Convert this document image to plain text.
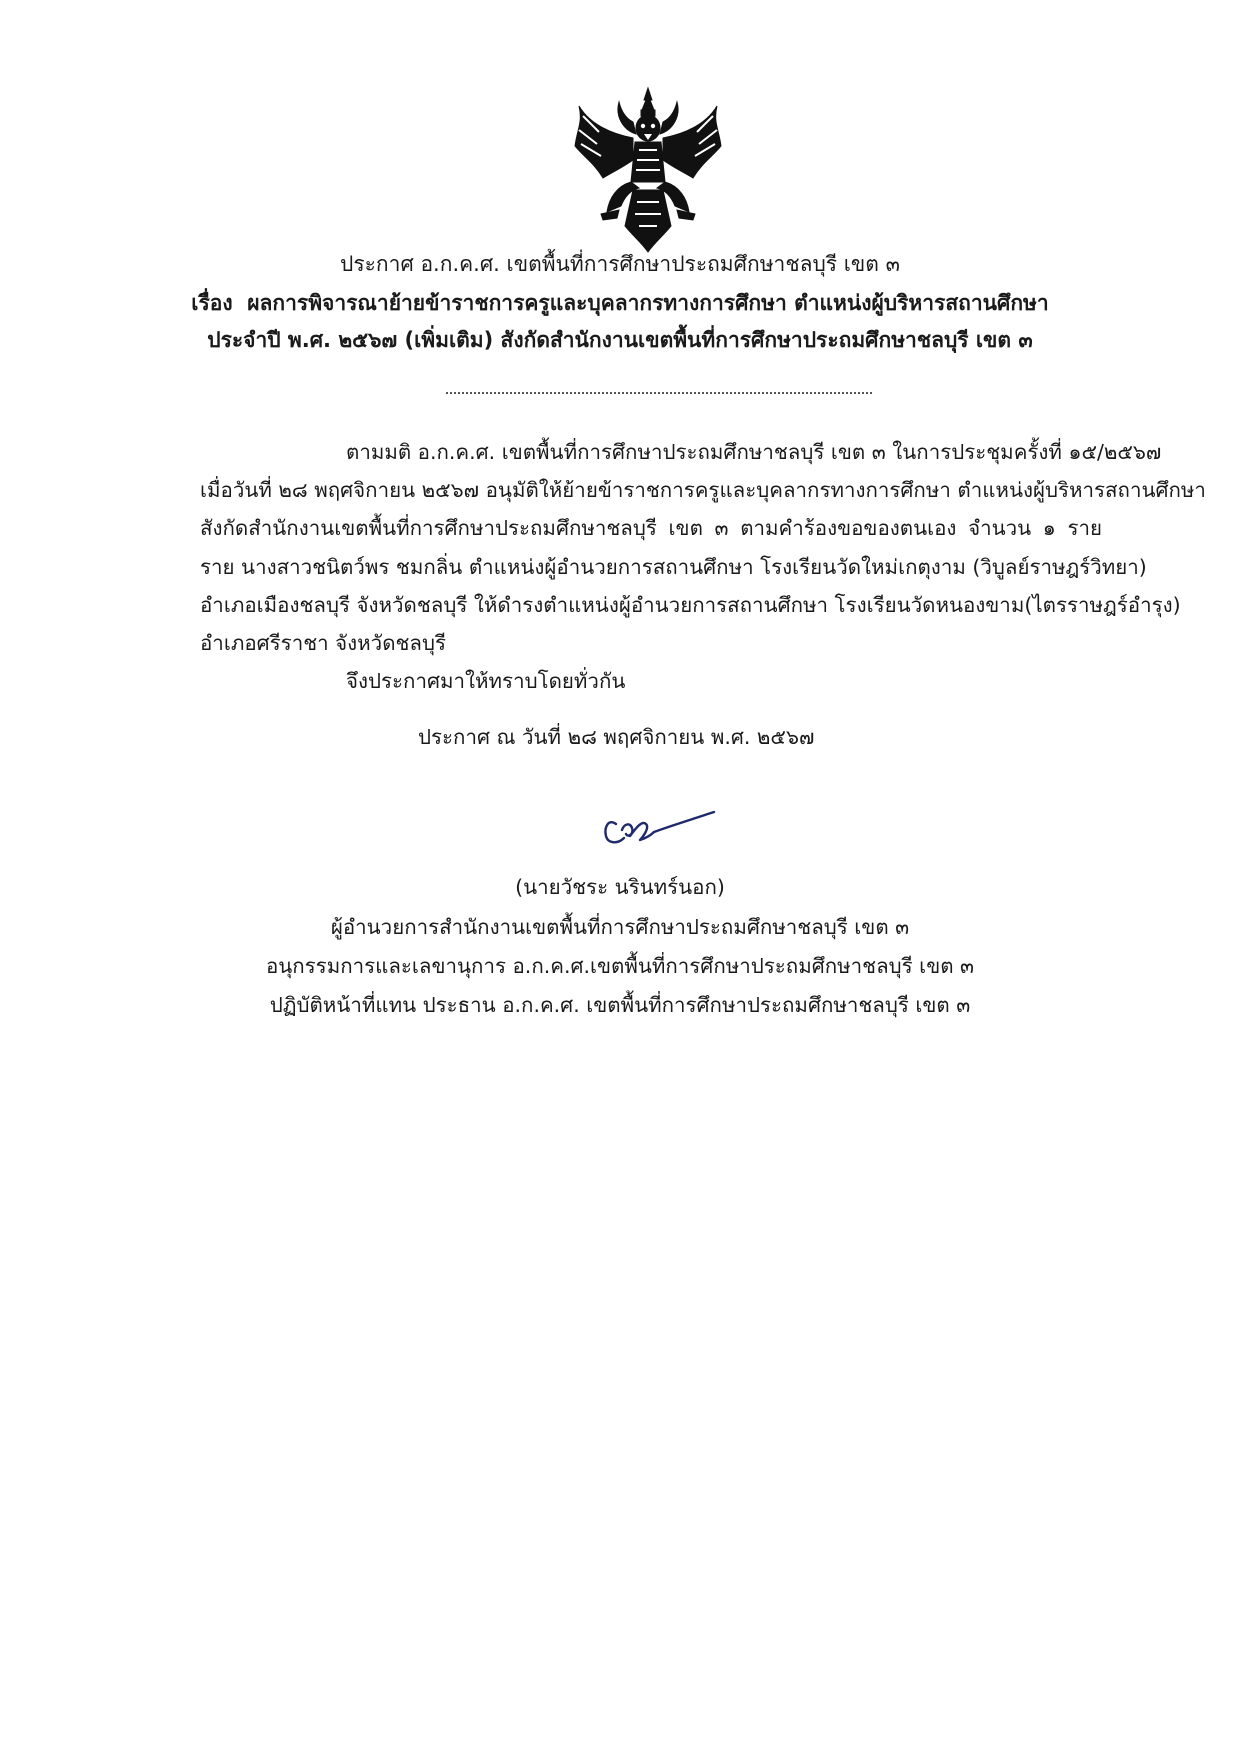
ประกาศ อ.ก.ค.ศ. เขตพื้นที่การศึกษาประถมศึกษาชลบุรี เขต ๓
เรื่อง ผลการพิจารณาย้ายข้าราชการครูและบุคลากรทางการศึกษา ตำแหน่งผู้บริหารสถานศึกษา
ประจำปี พ.ศ. ๒๕๖๗ (เพิ่มเติม) สังกัดสำนักงานเขตพื้นที่การศึกษาประถมศึกษาชลบุรี เขต ๓
ตามมติ อ.ก.ค.ศ. เขตพื้นที่การศึกษาประถมศึกษาชลบุรี เขต ๓ ในการประชุมครั้งที่ ๑๕/๒๕๖๗
เมื่อวันที่ ๒๘ พฤศจิกายน ๒๕๖๗ อนุมัติให้ย้ายข้าราชการครูและบุคลากรทางการศึกษา ตำแหน่งผู้บริหารสถานศึกษา
สังกัดสำนักงานเขตพื้นที่การศึกษาประถมศึกษาชลบุรี เขต ๓ ตามคำร้องขอของตนเอง จำนวน ๑ ราย
ราย นางสาวชนิตว์พร ชมกลิ่น ตำแหน่งผู้อำนวยการสถานศึกษา โรงเรียนวัดใหม่เกตุงาม (วิบูลย์ราษฎร์วิทยา)
อำเภอเมืองชลบุรี จังหวัดชลบุรี ให้ดำรงตำแหน่งผู้อำนวยการสถานศึกษา โรงเรียนวัดหนองขาม(ไตรราษฎร์อำรุง)
อำเภอศรีราชา จังหวัดชลบุรี
จึงประกาศมาให้ทราบโดยทั่วกัน
ประกาศ ณ วันที่ ๒๘ พฤศจิกายน พ.ศ. ๒๕๖๗
(นายวัชระ นรินทร์นอก)
ผู้อำนวยการสำนักงานเขตพื้นที่การศึกษาประถมศึกษาชลบุรี เขต ๓
อนุกรรมการและเลขานุการ อ.ก.ค.ศ.เขตพื้นที่การศึกษาประถมศึกษาชลบุรี เขต ๓
ปฏิบัติหน้าที่แทน ประธาน อ.ก.ค.ศ. เขตพื้นที่การศึกษาประถมศึกษาชลบุรี เขต ๓
